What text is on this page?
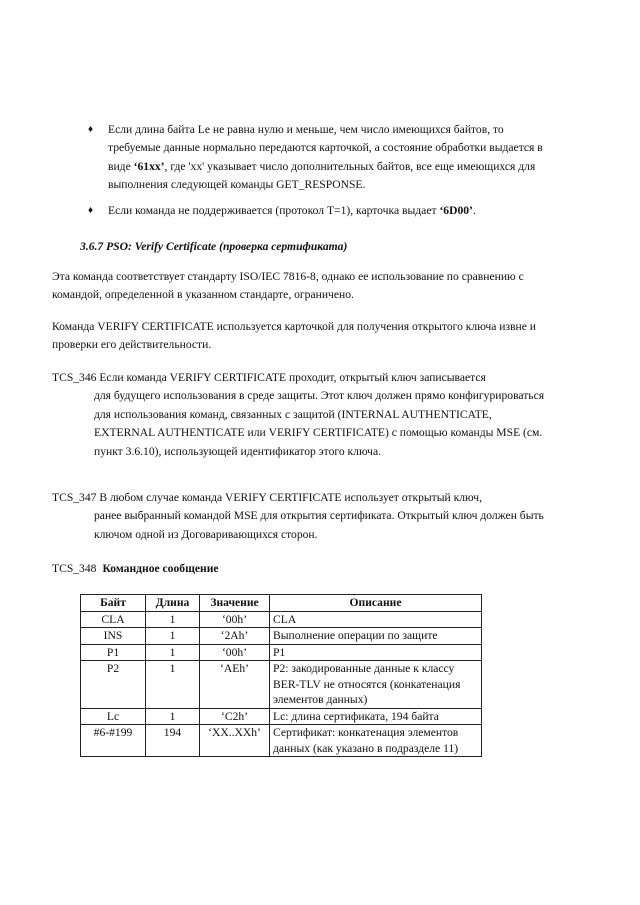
♦ Если длина байта Le не равна нулю и меньше, чем число имеющихся байтов, то требуемые данные нормально передаются карточкой, а состояние обработки выдается в виде ‘61xx’, где 'xx' указывает число дополнительных байтов, все еще имеющихся для выполнения следующей команды GET_RESPONSE.
♦ Если команда не поддерживается (протокол T=1), карточка выдает ‘6D00’.
3.6.7 PSO: Verify Certificate (проверка сертификата)
Эта команда соответствует стандарту ISO/IEC 7816-8, однако ее использование по сравнению с командой, определенной в указанном стандарте, ограничено.
Команда VERIFY CERTIFICATE используется карточкой для получения открытого ключа извне и проверки его действительности.
TCS_346 Если команда VERIFY CERTIFICATE проходит, открытый ключ записывается
для будущего использования в среде защиты. Этот ключ должен прямо конфигурироваться для использования команд, связанных с защитой (INTERNAL AUTHENTICATE, EXTERNAL AUTHENTICATE или VERIFY CERTIFICATE) с помощью команды MSE (см. пункт 3.6.10), использующей идентификатор этого ключа.
TCS_347 В любом случае команда VERIFY CERTIFICATE использует открытый ключ,
ранее выбранный командой MSE для открытия сертификата. Открытый ключ должен быть ключом одной из Договаривающихся сторон.
TCS_348 Командное сообщение
Байт	Длина	Значение	Описание
CLA	1	‘00h’	CLA
INS	1	‘2Ah’	Выполнение операции по защите
P1	1	‘00h’	P1
P2	1	‘AEh’	P2: закодированные данные к классу BER-TLV не относятся (конкатенация элементов данных)
Lc	1	‘C2h’	Lc: длина сертификата, 194 байта
#6-#199	194	‘XX..XXh’	Сертификат: конкатенация элементов данных (как указано в подразделе 11)
